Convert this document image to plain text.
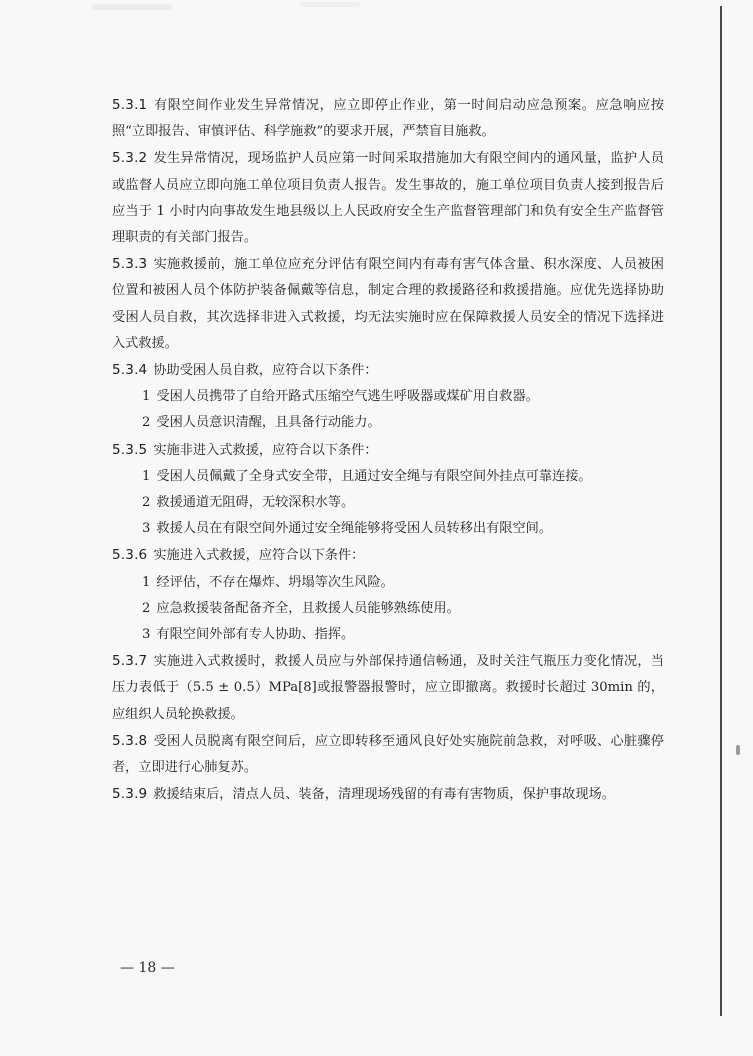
5.3.1 有限空间作业发生异常情况，应立即停止作业，第一时间启动应急预案。应急响应按照“立即报告、审慎评估、科学施救”的要求开展，严禁盲目施救。

5.3.2 发生异常情况，现场监护人员应第一时间采取措施加大有限空间内的通风量，监护人员或监督人员应立即向施工单位项目负责人报告。发生事故的，施工单位项目负责人接到报告后应当于 1 小时内向事故发生地县级以上人民政府安全生产监督管理部门和负有安全生产监督管理职责的有关部门报告。

5.3.3 实施救援前，施工单位应充分评估有限空间内有毒有害气体含量、积水深度、人员被困位置和被困人员个体防护装备佩戴等信息，制定合理的救援路径和救援措施。应优先选择协助受困人员自救，其次选择非进入式救援，均无法实施时应在保障救援人员安全的情况下选择进入式救援。

5.3.4 协助受困人员自救，应符合以下条件：

1 受困人员携带了自给开路式压缩空气逃生呼吸器或煤矿用自救器。

2 受困人员意识清醒，且具备行动能力。

5.3.5 实施非进入式救援，应符合以下条件：

1 受困人员佩戴了全身式安全带，且通过安全绳与有限空间外挂点可靠连接。

2 救援通道无阻碍，无较深积水等。

3 救援人员在有限空间外通过安全绳能够将受困人员转移出有限空间。

5.3.6 实施进入式救援，应符合以下条件：

1 经评估，不存在爆炸、坍塌等次生风险。

2 应急救援装备配备齐全，且救援人员能够熟练使用。

3 有限空间外部有专人协助、指挥。

5.3.7 实施进入式救援时，救援人员应与外部保持通信畅通，及时关注气瓶压力变化情况，当压力表低于（5.5 ± 0.5）MPa[8]或报警器报警时，应立即撤离。救援时长超过 30min 的，应组织人员轮换救援。

5.3.8 受困人员脱离有限空间后，应立即转移至通风良好处实施院前急救，对呼吸、心脏骤停者，立即进行心肺复苏。

5.3.9 救援结束后，清点人员、装备，清理现场残留的有毒有害物质，保护事故现场。

— 18 —
